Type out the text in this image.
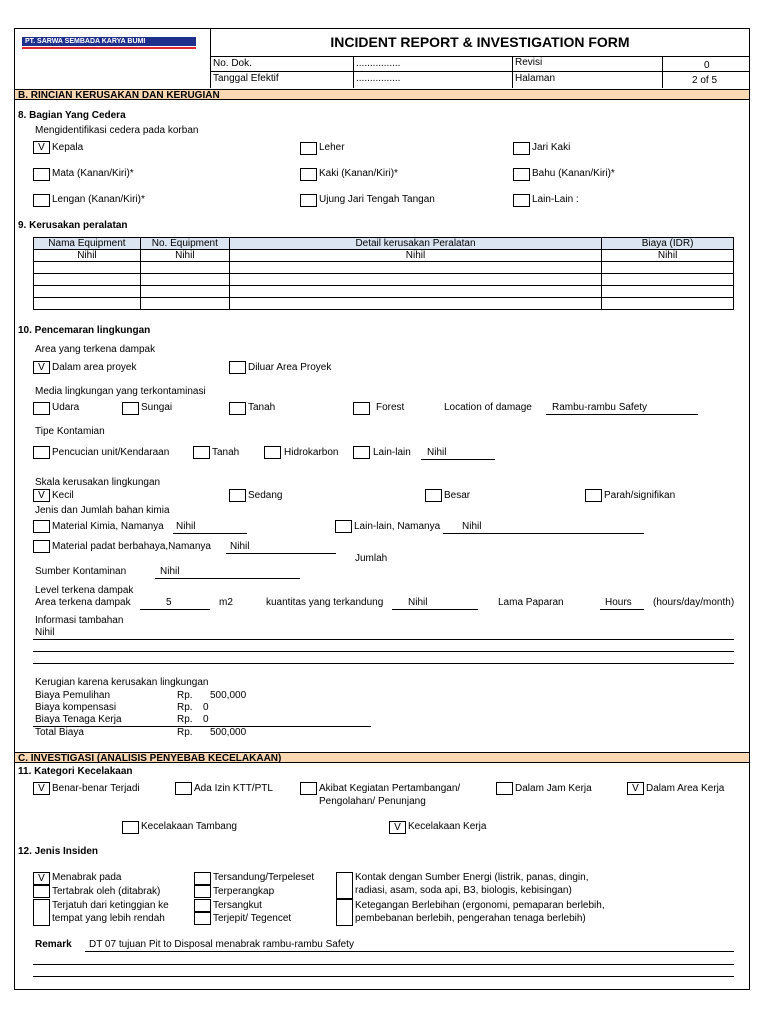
PT. SARWA SEMBADA KARYA BUMI	INCIDENT REPORT & INVESTIGATION FORM
No. Dok.	................
Tanggal Efektif	................
Revisi	0
Halaman	2 of 5
B. RINCIAN KERUSAKAN DAN KERUGIAN
8. Bagian Yang Cedera
Mengidentifikasi cedera pada korban
V Kepala	Leher	Jari Kaki
Mata (Kanan/Kiri)*	Kaki (Kanan/Kiri)*	Bahu (Kanan/Kiri)*
Lengan (Kanan/Kiri)*	Ujung Jari Tengah Tangan	Lain-Lain :
9. Kerusakan peralatan
Nama Equipment	No. Equipment	Detail kerusakan Peralatan	Biaya (IDR)
Nihil	Nihil	Nihil	Nihil

10. Pencemaran lingkungan
Area yang terkena dampak
V Dalam area proyek	Diluar Area Proyek
Media lingkungan yang terkontaminasi
Udara	Sungai	Tanah	Forest	Location of damage Rambu-rambu Safety
Tipe Kontamian
Pencucian unit/Kendaraan	Tanah	Hidrokarbon	Lain-lain Nihil
Skala kerusakan lingkungan
V Kecil	Sedang	Besar	Parah/signifikan
Jenis dan Jumlah bahan kimia
Material Kimia, Namanya Nihil	Lain-lain, Namanya Nihil
Material padat berbahaya,Namanya Nihil
Jumlah
Sumber Kontaminan	Nihil
Level terkena dampak
Area terkena dampak	5	m2	kuantitas yang terkandung Nihil	Lama Paparan	Hours (hours/day/month)
Informasi tambahan
Nihil
Kerugian karena kerusakan lingkungan
Biaya Pemulihan	Rp. 500,000
Biaya kompensasi	Rp. 0
Biaya Tenaga Kerja	Rp. 0
Total Biaya	Rp. 500,000
C. INVESTIGASI (ANALISIS PENYEBAB KECELAKAAN)
11. Kategori Kecelakaan
V Benar-benar Terjadi	Ada Izin KTT/PTL	Akibat Kegiatan Pertambangan/
Pengolahan/ Penunjang
Dalam Jam Kerja	V Dalam Area Kerja
Kecelakaan Tambang	V Kecelakaan Kerja
12. Jenis Insiden
V Menabrak pada
Tertabrak oleh (ditabrak)
Terjatuh dari ketinggian ke
tempat yang lebih rendah
Tersandung/Terpeleset
Terperangkap
Tersangkut
Terjepit/ Tegencet
Kontak dengan Sumber Energi (listrik, panas, dingin,
radiasi, asam, soda api, B3, biologis, kebisingan)
Ketegangan Berlebihan (ergonomi, pemaparan berlebih,
pembebanan berlebih, pengerahan tenaga berlebih)
Remark DT 07 tujuan Pit to Disposal menabrak rambu-rambu Safety
